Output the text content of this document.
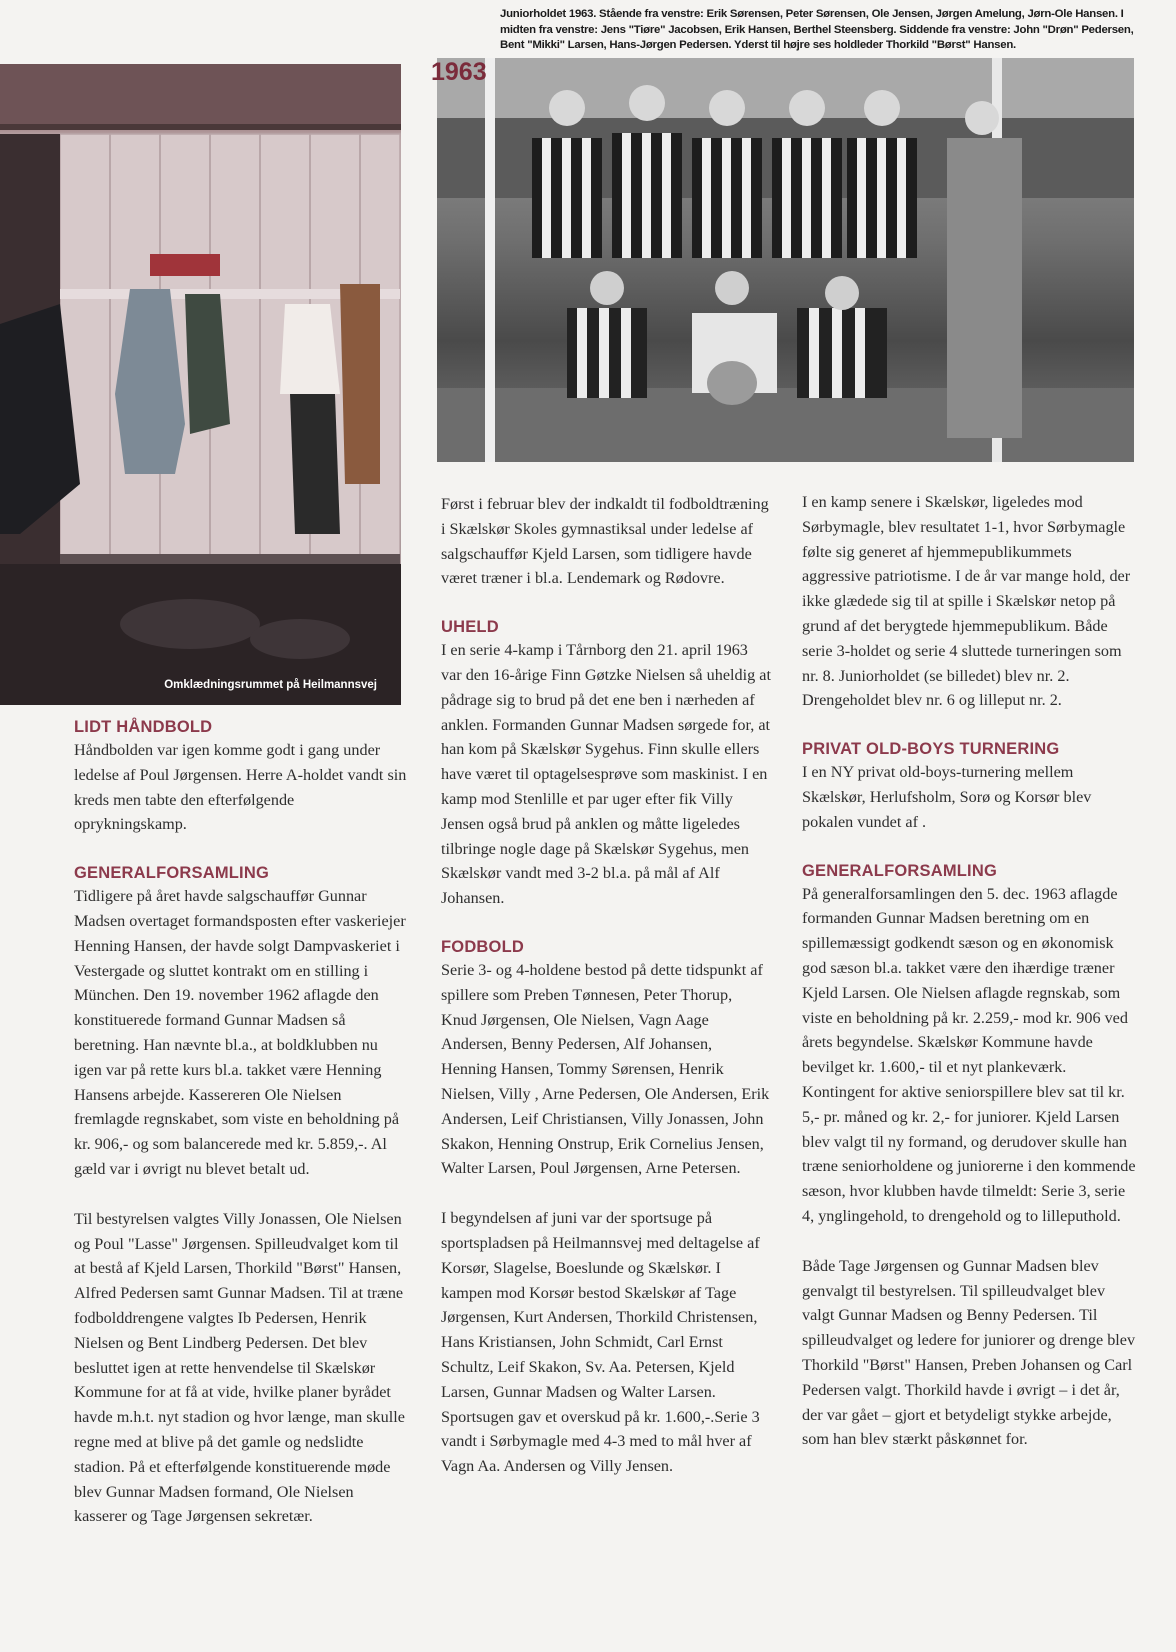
Juniorholdet 1963. Stående fra venstre: Erik Sørensen, Peter Sørensen, Ole Jensen, Jørgen Amelung, Jørn-Ole Hansen. I midten fra venstre: Jens "Tiøre" Jacobsen, Erik Hansen, Berthel Steensberg. Siddende fra venstre: John "Drøn" Pedersen, Bent "Mikki" Larsen, Hans-Jørgen Pedersen. Yderst til højre ses holdleder Thorkild "Børst" Hansen.
Omklædningsrummet på Heilmannsvej
1963
LIDT HÅNDBOLD

Håndbolden var igen komme godt i gang under ledelse af Poul Jørgensen. Herre A-holdet vandt sin kreds men tabte den efterfølgende oprykningskamp.

GENERALFORSAMLING

Tidligere på året havde salgschauffør Gunnar Madsen overtaget formandsposten efter vaskeriejer Henning Hansen, der havde solgt Dampvaskeriet i Vestergade og sluttet kontrakt om en stilling i München. Den 19. november 1962 aflagde den konstituerede formand Gunnar Madsen så beretning. Han nævnte bl.a., at boldklubben nu igen var på rette kurs bl.a. takket være Henning Hansens arbejde. Kassereren Ole Nielsen fremlagde regnskabet, som viste en beholdning på kr. 906,- og som balancerede med kr. 5.859,-. Al gæld var i øvrigt nu blevet betalt ud.

Til bestyrelsen valgtes Villy Jonassen, Ole Nielsen og Poul "Lasse" Jørgensen. Spilleudvalget kom til at bestå af Kjeld Larsen, Thorkild "Børst" Hansen, Alfred Pedersen samt Gunnar Madsen. Til at træne fodbolddrengene valgtes Ib Pedersen, Henrik Nielsen og Bent Lindberg Pedersen. Det blev besluttet igen at rette henvendelse til Skælskør Kommune for at få at vide, hvilke planer byrådet havde m.h.t. nyt stadion og hvor længe, man skulle regne med at blive på det gamle og nedslidte stadion. På et efterfølgende konstituerende møde blev Gunnar Madsen formand, Ole Nielsen kasserer og Tage Jørgensen sekretær.

Først i februar blev der indkaldt til fodboldtræning i Skælskør Skoles gymnastiksal under ledelse af salgschauffør Kjeld Larsen, som tidligere havde været træner i bl.a. Lendemark og Rødovre.

UHELD

I en serie 4-kamp i Tårnborg den 21. april 1963 var den 16-årige Finn Gøtzke Nielsen så uheldig at pådrage sig to brud på det ene ben i nærheden af anklen. Formanden Gunnar Madsen sørgede for, at han kom på Skælskør Sygehus. Finn skulle ellers have været til optagelsesprøve som maskinist. I en kamp mod Stenlille et par uger efter fik Villy Jensen også brud på anklen og måtte ligeledes tilbringe nogle dage på Skælskør Sygehus, men Skælskør vandt med 3-2 bl.a. på mål af Alf Johansen.

FODBOLD

Serie 3- og 4-holdene bestod på dette tidspunkt af spillere som Preben Tønnesen, Peter Thorup, Knud Jørgensen, Ole Nielsen, Vagn Aage Andersen, Benny Pedersen, Alf Johansen, Henning Hansen, Tommy Sørensen, Henrik Nielsen, Villy , Arne Pedersen, Ole Andersen, Erik Andersen, Leif Christiansen, Villy Jonassen, John Skakon, Henning Onstrup, Erik Cornelius Jensen, Walter Larsen, Poul Jørgensen, Arne Petersen.

I begyndelsen af juni var der sportsuge på sportspladsen på Heilmannsvej med deltagelse af Korsør, Slagelse, Boeslunde og Skælskør. I kampen mod Korsør bestod Skælskør af Tage Jørgensen, Kurt Andersen, Thorkild Christensen, Hans Kristiansen, John Schmidt, Carl Ernst Schultz, Leif Skakon, Sv. Aa. Petersen, Kjeld Larsen, Gunnar Madsen og Walter Larsen. Sportsugen gav et overskud på kr. 1.600,-.Serie 3 vandt i Sørbymagle med 4-3 med to mål hver af Vagn Aa. Andersen og Villy Jensen.

I en kamp senere i Skælskør, ligeledes mod Sørbymagle, blev resultatet 1-1, hvor Sørbymagle følte sig generet af hjemmepublikummets aggressive patriotisme. I de år var mange hold, der ikke glædede sig til at spille i Skælskør netop på grund af det berygtede hjemmepublikum. Både serie 3-holdet og serie 4 sluttede turneringen som nr. 8. Juniorholdet (se billedet) blev nr. 2. Drengeholdet blev nr. 6 og lilleput nr. 2.

PRIVAT OLD-BOYS TURNERING

I en NY privat old-boys-turnering mellem Skælskør, Herlufsholm, Sorø og Korsør blev pokalen vundet af .

GENERALFORSAMLING

På generalforsamlingen den 5. dec. 1963 aflagde formanden Gunnar Madsen beretning om en spillemæssigt godkendt sæson og en økonomisk god sæson bl.a. takket være den ihærdige træner Kjeld Larsen. Ole Nielsen aflagde regnskab, som viste en beholdning på kr. 2.259,- mod kr. 906 ved årets begyndelse. Skælskør Kommune havde bevilget kr. 1.600,- til et nyt plankeværk. Kontingent for aktive seniorspillere blev sat til kr. 5,- pr. måned og kr. 2,- for juniorer. Kjeld Larsen blev valgt til ny formand, og derudover skulle han træne seniorholdene og juniorerne i den kommende sæson, hvor klubben havde tilmeldt: Serie 3, serie 4, ynglingehold, to drengehold og to lilleputhold.

Både Tage Jørgensen og Gunnar Madsen blev genvalgt til bestyrelsen. Til spilleudvalget blev valgt Gunnar Madsen og Benny Pedersen. Til spilleudvalget og ledere for juniorer og drenge blev Thorkild "Børst" Hansen, Preben Johansen og Carl Pedersen valgt. Thorkild havde i øvrigt – i det år, der var gået – gjort et betydeligt stykke arbejde, som han blev stærkt påskønnet for.
